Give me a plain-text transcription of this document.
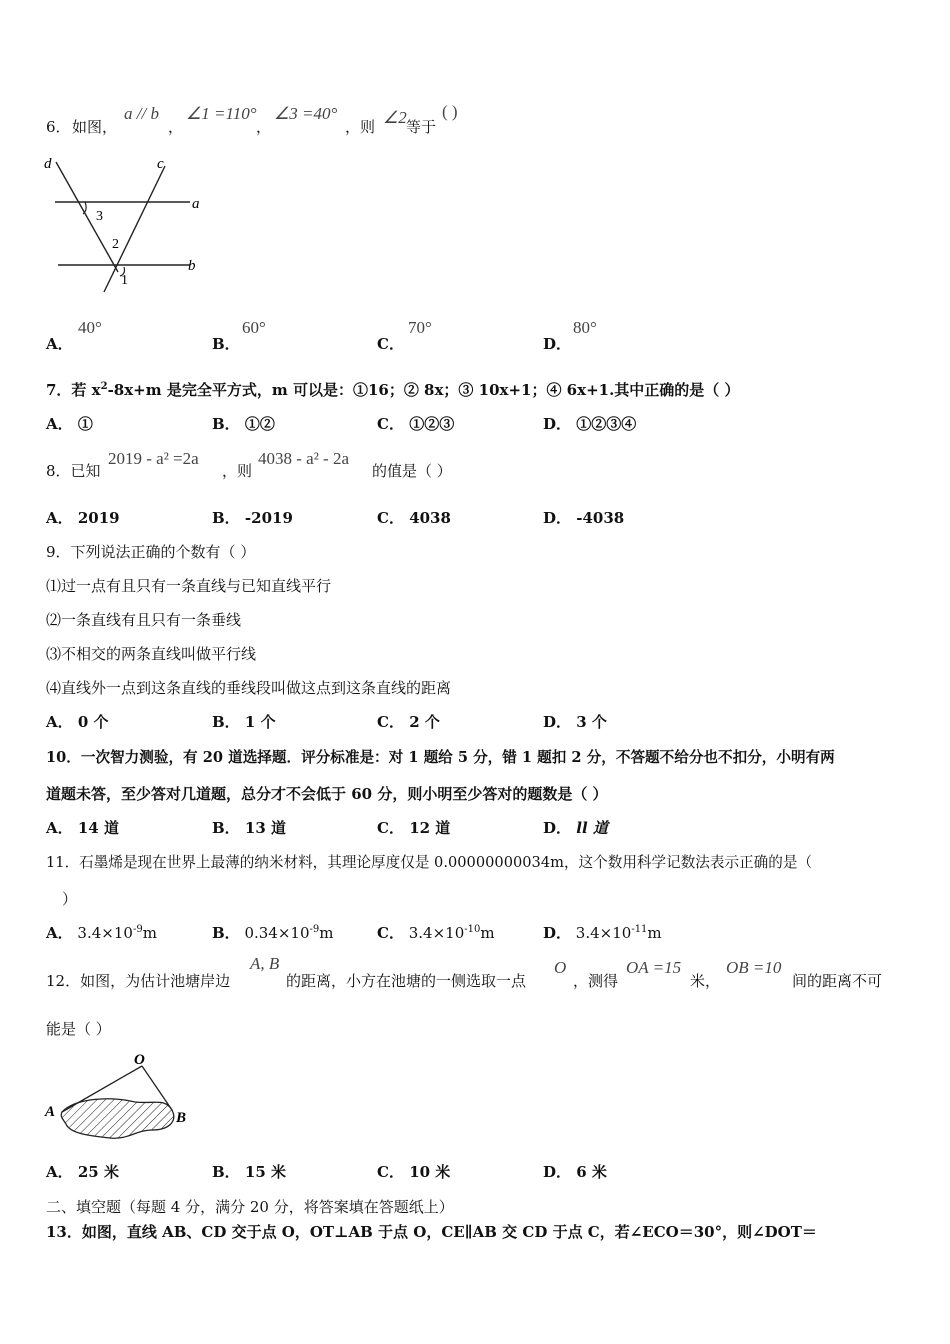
6． 如图，
a // b
，
∠1 =110°
，
∠3 =40°
，则 ∠2 等于
( )
d	c
a
b
1
2
3
A．
40°
B．
60°
C．
70°
D．
80°
7．若 $x^2-8x+m$ 是完全平方式，m 可以是：①16；② 8x；③ 10x+1；④ 6x+1.其中正确的是（ ）
A． ①	B． ①②	C． ①②③	D． ①②③④
8．已知
2019 - a² =2a
，则
4038 - a² - 2a
的值是（ ）
A． 2019	B． -2019	C． 4038	D． -4038
9．下列说法正确的个数有（ ）
⑴过一点有且只有一条直线与已知直线平行
⑵一条直线有且只有一条垂线
⑶不相交的两条直线叫做平行线
⑷直线外一点到这条直线的垂线段叫做这点到这条直线的距离
A． 0 个	B． 1 个	C． 2 个	D． 3 个
10．一次智力测验，有 20 道选择题．评分标准是：对 1 题给 5 分，错 1 题扣 2 分，不答题不给分也不扣分，小明有两
道题未答，至少答对几道题，总分才不会低于 60 分，则小明至少答对的题数是（ ）
A． 14 道	B． 13 道	C． 12 道	D． ll 道
11．石墨烯是现在世界上最薄的纳米材料，其理论厚度仅是 0.00000000034m，这个数用科学记数法表示正确的是（
）
A． $3.4\times 10^{-9}m$	B． $0.34\times 10^{-9}m$	C． $3.4\times 10^{-10}m$	D． $3.4\times 10^{-11}m$
12．如图，为估计池塘岸边
A, B
的距离，小方在池塘的一侧选取一点
O
，测得
OA =15
米，
OB =10
间的距离不可
能是（ ）
O
A	B
A． 25 米	B． 15 米	C． 10 米	D． 6 米
二、填空题（每题 4 分，满分 20 分，将答案填在答题纸上）
13．如图，直线 AB、CD 交于点 O，OT⊥AB 于点 O，CE∥AB 交 CD 于点 C，若∠ECO＝30°，则∠DOT＝
